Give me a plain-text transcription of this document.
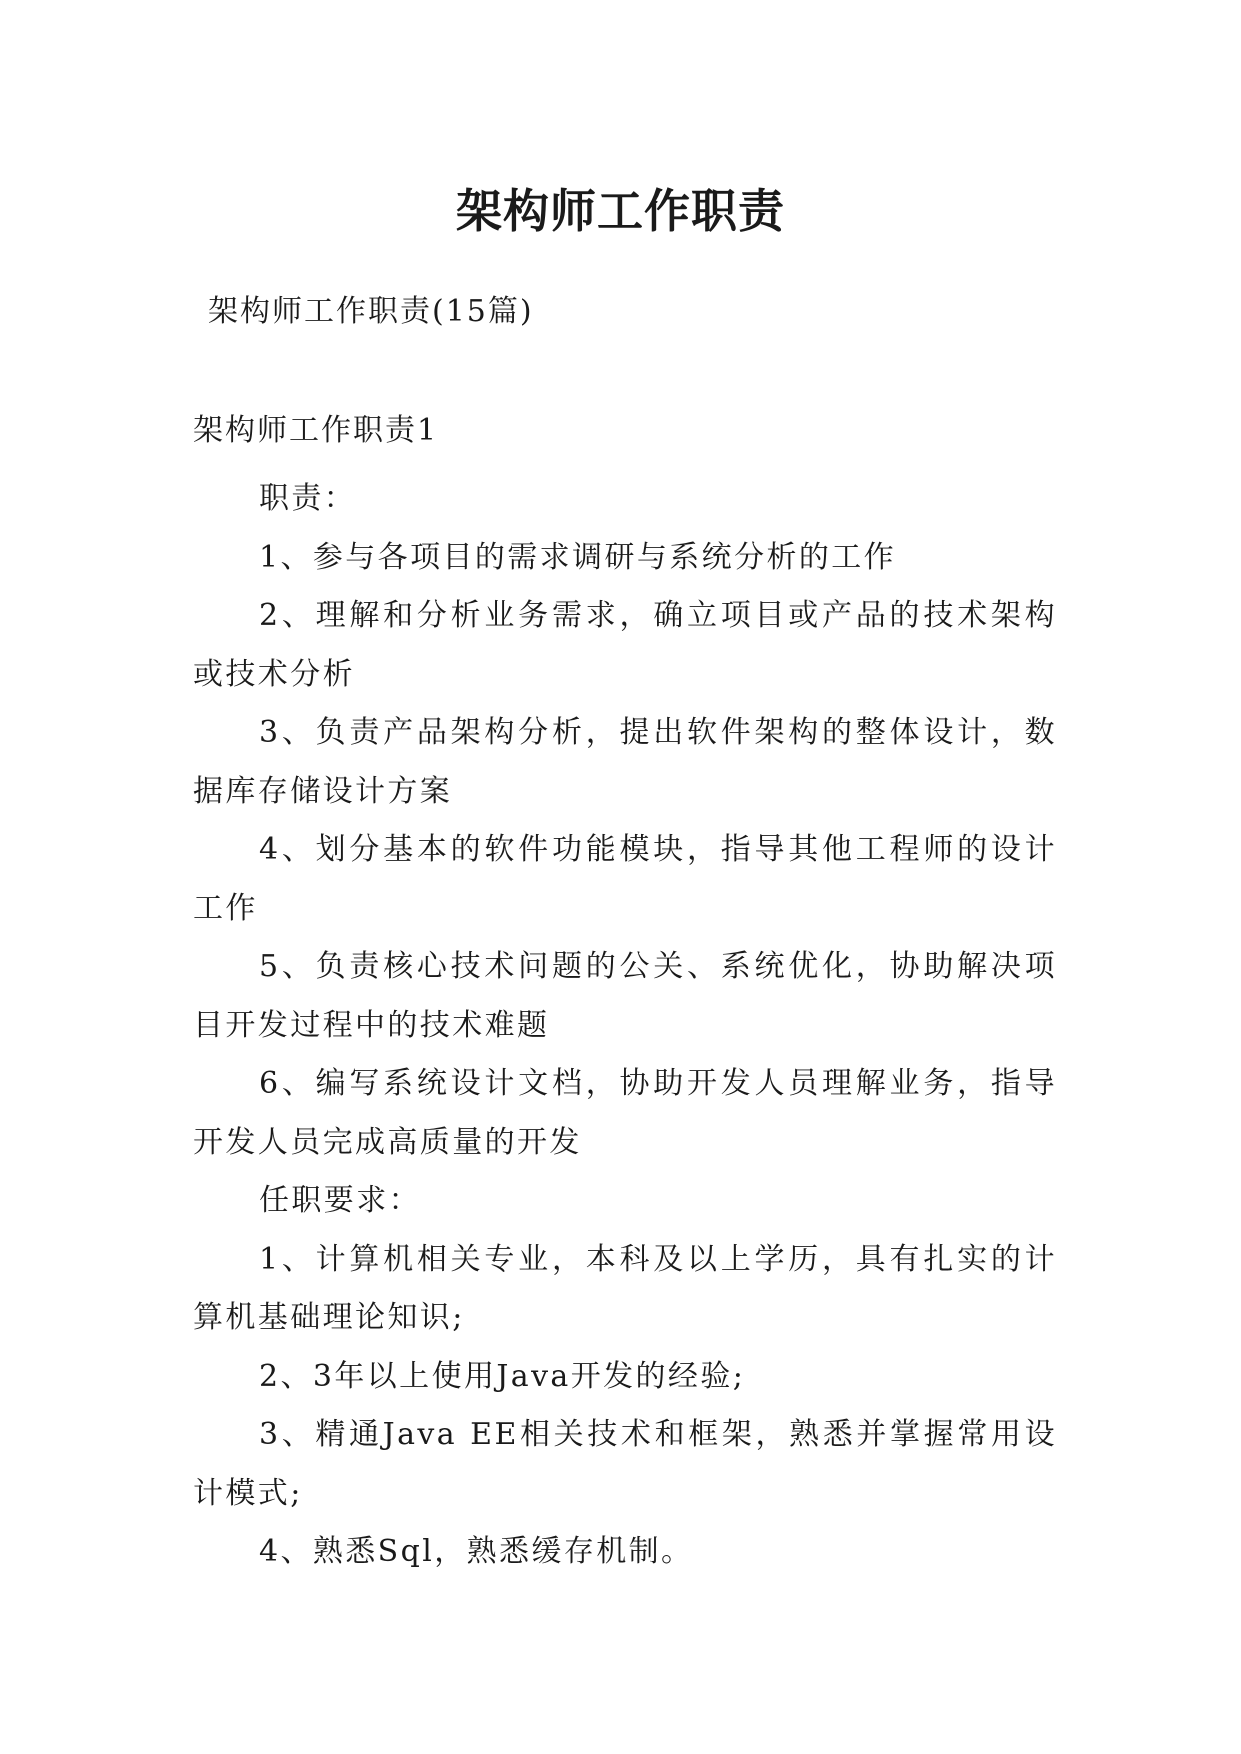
架构师工作职责
架构师工作职责(15篇)
架构师工作职责1

职责：

1、参与各项目的需求调研与系统分析的工作

2、理解和分析业务需求，确立项目或产品的技术架构或技术分析

3、负责产品架构分析，提出软件架构的整体设计，数据库存储设计方案

4、划分基本的软件功能模块，指导其他工程师的设计工作

5、负责核心技术问题的公关、系统优化，协助解决项目开发过程中的技术难题

6、编写系统设计文档，协助开发人员理解业务，指导开发人员完成高质量的开发

任职要求：

1、计算机相关专业，本科及以上学历，具有扎实的计算机基础理论知识;

2、3年以上使用Java开发的经验;

3、精通Java EE相关技术和框架，熟悉并掌握常用设计模式;

4、熟悉Sql，熟悉缓存机制。
